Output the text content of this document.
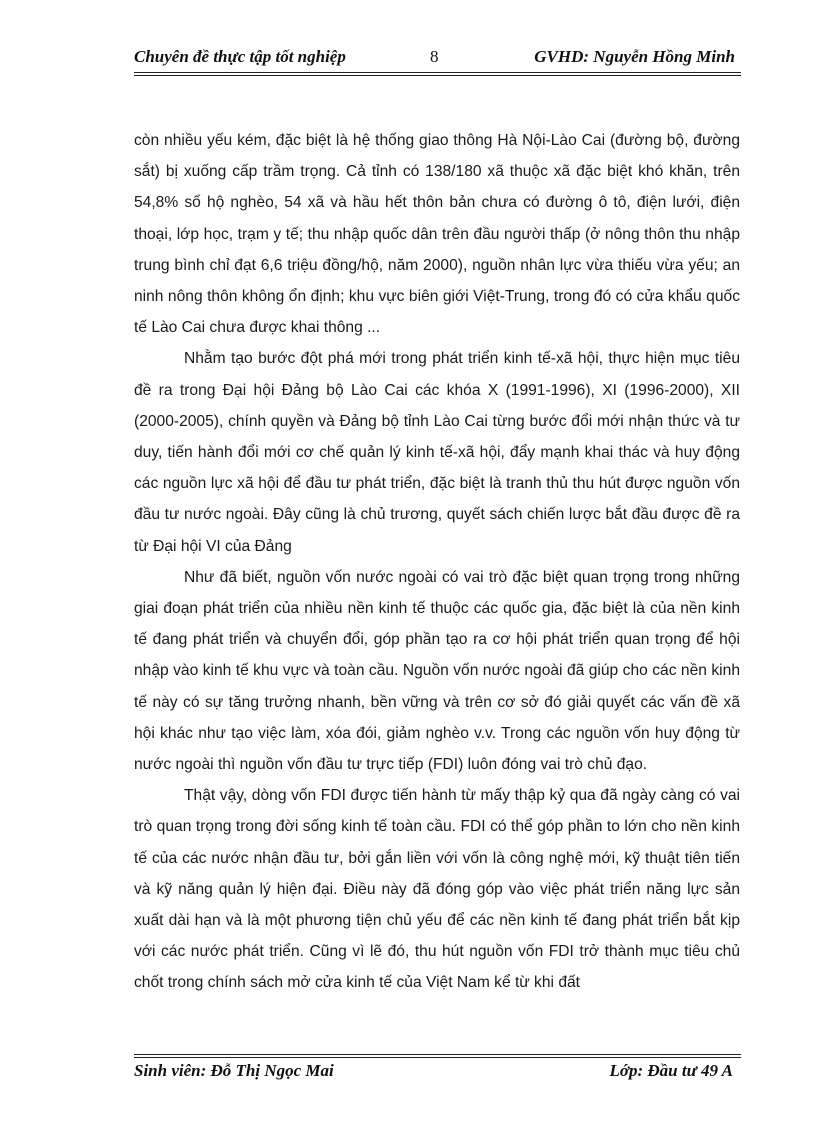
Chuyên đề thực tập tốt nghiệp	8	GVHD: Nguyễn Hồng Minh

còn nhiều yếu kém, đặc biệt là hệ thống giao thông Hà Nội-Lào Cai (đường bộ, đường sắt) bị xuống cấp trầm trọng. Cả tỉnh có 138/180 xã thuộc xã đặc biệt khó khăn, trên 54,8% số hộ nghèo, 54 xã và hầu hết thôn bản chưa có đường ô tô, điện lưới, điện thoại, lớp học, trạm y tế; thu nhập quốc dân trên đầu người thấp (ở nông thôn thu nhập trung bình chỉ đạt 6,6 triệu đồng/hộ, năm 2000), nguồn nhân lực vừa thiếu vừa yếu; an ninh nông thôn không ổn định; khu vực biên giới Việt-Trung, trong đó có cửa khẩu quốc tế Lào Cai chưa được khai thông ...

Nhằm tạo bước đột phá mới trong phát triển kinh tế-xã hội, thực hiện mục tiêu đề ra trong Đại hội Đảng bộ Lào Cai các khóa X (1991-1996), XI (1996-2000), XII (2000-2005), chính quyền và Đảng bộ tỉnh Lào Cai từng bước đổi mới nhận thức và tư duy, tiến hành đổi mới cơ chế quản lý kinh tế-xã hội, đẩy mạnh khai thác và huy động các nguồn lực xã hội để đầu tư phát triển, đặc biệt là tranh thủ thu hút được nguồn vốn đầu tư nước ngoài. Đây cũng là chủ trương, quyết sách chiến lược bắt đầu được đề ra từ Đại hội VI của Đảng

Như đã biết, nguồn vốn nước ngoài có vai trò đặc biệt quan trọng trong những giai đoạn phát triển của nhiều nền kinh tế thuộc các quốc gia, đặc biệt là của nền kinh tế đang phát triển và chuyển đổi, góp phần tạo ra cơ hội phát triển quan trọng để hội nhập vào kinh tế khu vực và toàn cầu. Nguồn vốn nước ngoài đã giúp cho các nền kinh tế này có sự tăng trưởng nhanh, bền vững và trên cơ sở đó giải quyết các vấn đề xã hội khác như tạo việc làm, xóa đói, giảm nghèo v.v. Trong các nguồn vốn huy động từ nước ngoài thì nguồn vốn đầu tư trực tiếp (FDI) luôn đóng vai trò chủ đạo.

Thật vậy, dòng vốn FDI được tiến hành từ mấy thập kỷ qua đã ngày càng có vai trò quan trọng trong đời sống kinh tế toàn cầu. FDI có thể góp phần to lớn cho nền kinh tế của các nước nhận đầu tư, bởi gắn liền với vốn là công nghệ mới, kỹ thuật tiên tiến và kỹ năng quản lý hiện đại. Điều này đã đóng góp vào việc phát triển năng lực sản xuất dài hạn và là một phương tiện chủ yếu để các nền kinh tế đang phát triển bắt kịp với các nước phát triển. Cũng vì lẽ đó, thu hút nguồn vốn FDI trở thành mục tiêu chủ chốt trong chính sách mở cửa kinh tế của Việt Nam kể từ khi đất

Sinh viên: Đỗ Thị Ngọc Mai	Lớp: Đầu tư 49 A
